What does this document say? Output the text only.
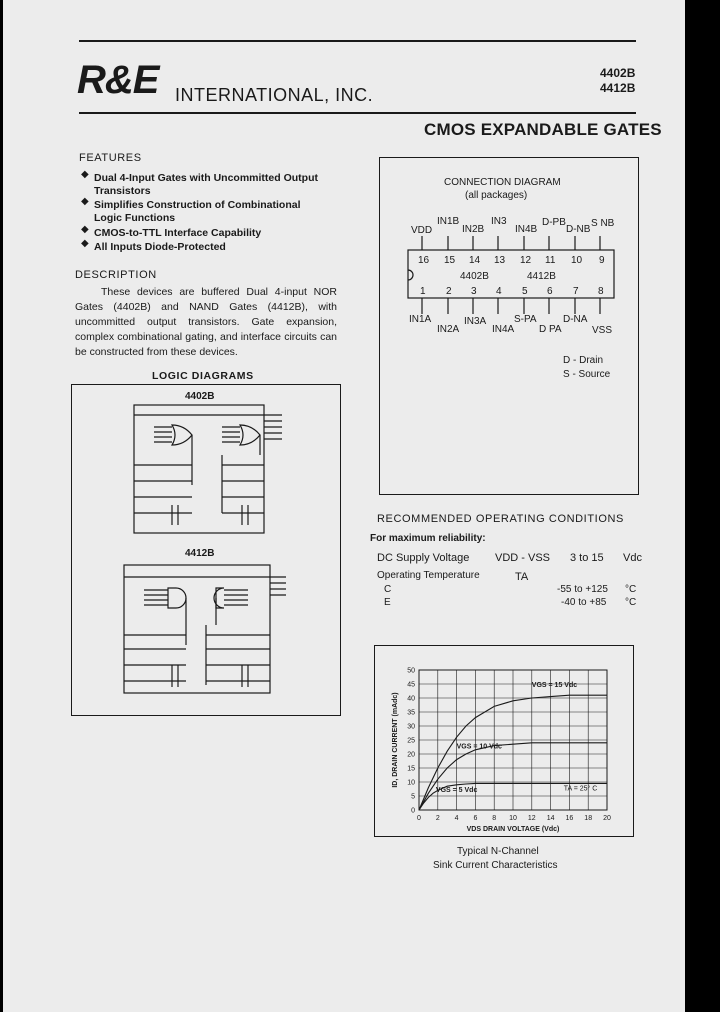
R&E INTERNATIONAL, INC.
4402B
4412B
CMOS EXPANDABLE GATES
FEATURES
◆ Dual 4-Input Gates with Uncommitted Output
Transistors
◆ Simplifies Construction of Combinational
Logic Functions
◆ CMOS-to-TTL Interface Capability
◆ All Inputs Diode-Protected
DESCRIPTION
These devices are buffered Dual 4-input NOR Gates (4402B) and NAND Gates (4412B), with uncommitted output transistors. Gate expansion, complex combinational gating, and interface circuits can be constructed from these devices.
LOGIC DIAGRAMS
4402B
4412B
CONNECTION DIAGRAM
(all packages)
VDD
IN1B
IN2B
IN3
IN4B
D-PB
D-NB
S NB
16 15 14 13 12 11 10 9
4402B	4412B
1 2 3 4 5 6 7 8
IN1A
IN2A
IN3A
IN4A
S-PA
D PA
D-NA
VSS
D - Drain
S - Source
RECOMMENDED OPERATING CONDITIONS
For maximum reliability:
DC Supply Voltage VDD - VSS 3 to 15 Vdc
Operating Temperature	TA
C	-55 to +125 °C
E	-40 to +85 °C
0 2 4 6 8 10 12 14 16 18 20
0
5
10
15
20
25
30
35
40
45
50
VGS = 15 Vdc
VGS = 10 Vdc
VGS = 5 Vdc	TA = 25° C
VDS DRAIN VOLTAGE (Vdc)
ID, DRAIN CURRENT (mAdc)
Typical N-Channel
Sink Current Characteristics
